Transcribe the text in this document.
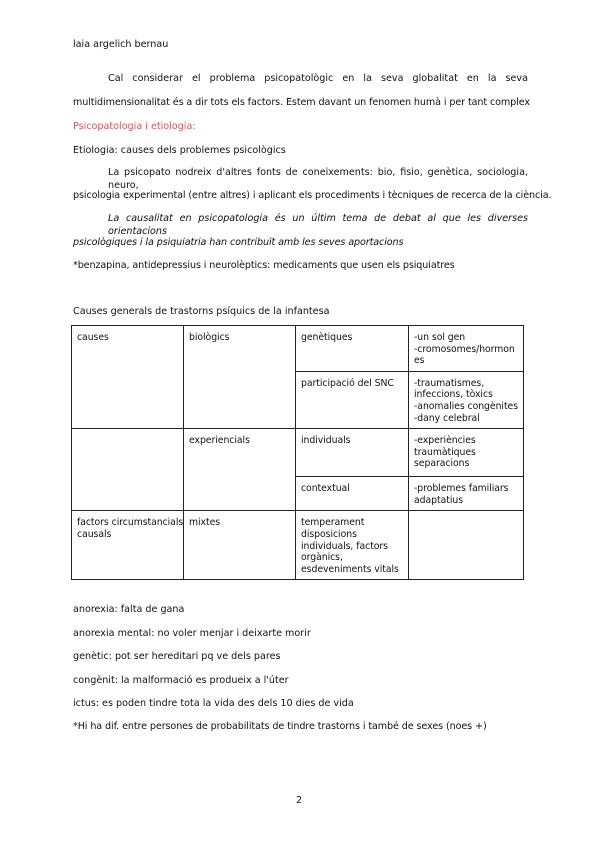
laia argelich bernau
Cal considerar el problema psicopatològic en la seva globalitat en la seva
multidimensionalitat és a dir tots els factors. Estem davant un fenomen humà i per tant complex
Psicopatologia i etiologia:
Etiologia: causes dels problemes psicològics
La psicopato nodreix d'altres fonts de coneixements: bio, fisio, genètica, sociologia, neuro,
psicologia experimental (entre altres) i aplicant els procediments i tècniques de recerca de la ciència.
La causalitat en psicopatologia és un últim tema de debat al que les diverses orientacions
psicològiques i la psiquiatria han contribuït amb les seves aportacions
*benzapina, antidepressius i neurolèptics: medicaments que usen els psiquiatres
Causes generals de trastorns psíquics de la infantesa
causes	biològics	genètiques	-un sol gen
-cromosomes/hormon
es

		participació del SNC	-traumatismes,
infeccions, tòxics
-anomalies congènites
-dany celebral

	experiencials	individuals	-experiències
traumàtiques
separacions

		contextual	-problemes familiars
adaptatius

factors circumstancials
causals	mixtes	temperament
disposicions
individuals, factors
orgànics,
esdeveniments vitals	

anorexia: falta de gana
anorexia mental: no voler menjar i deixarte morir
genètic: pot ser hereditari pq ve dels pares
congènit: la malformació es produeix a l'úter
ictus: es poden tindre tota la vida des dels 10 dies de vida
*Hi ha dif. entre persones de probabilitats de tindre trastorns i també de sexes (noes +)
2
